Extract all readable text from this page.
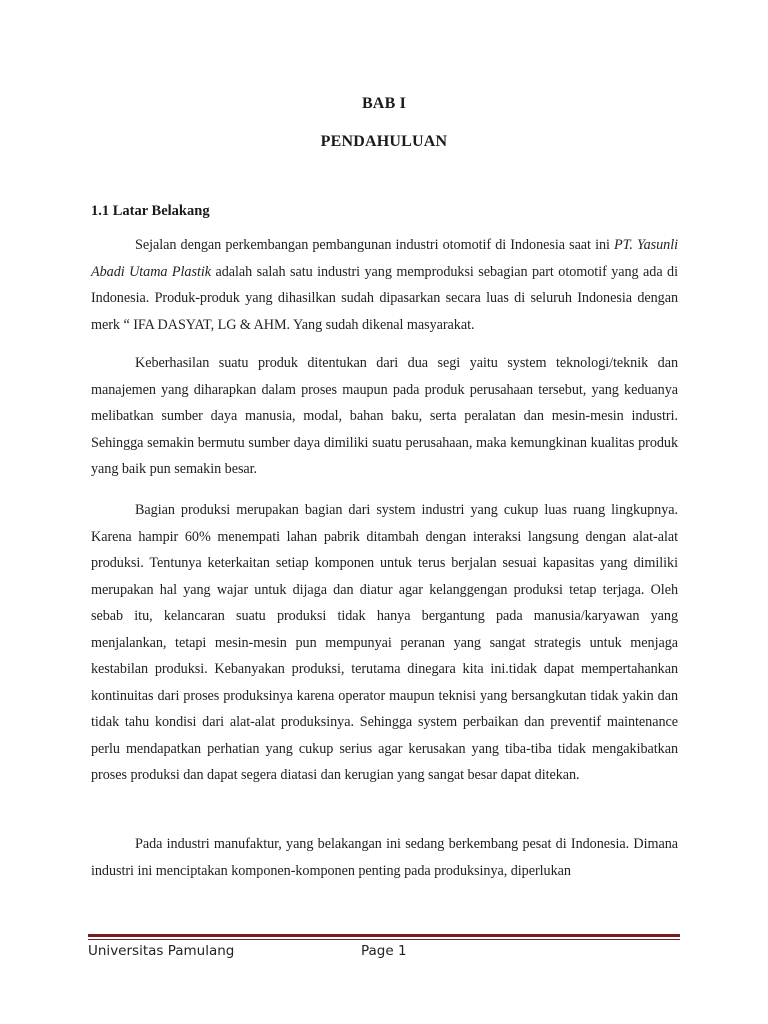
BAB I
PENDAHULUAN
1.1 Latar Belakang

Sejalan dengan perkembangan pembangunan industri otomotif di Indonesia saat ini PT. Yasunli Abadi Utama Plastik adalah salah satu industri yang memproduksi sebagian part otomotif yang ada di Indonesia. Produk-produk yang dihasilkan sudah dipasarkan secara luas di seluruh Indonesia dengan merk “ IFA DASYAT, LG & AHM. Yang sudah dikenal masyarakat.

Keberhasilan suatu produk ditentukan dari dua segi yaitu system teknologi/teknik dan manajemen yang diharapkan dalam proses maupun pada produk perusahaan tersebut, yang keduanya melibatkan sumber daya manusia, modal, bahan baku, serta peralatan dan mesin-mesin industri. Sehingga semakin bermutu sumber daya dimiliki suatu perusahaan, maka kemungkinan kualitas produk yang baik pun semakin besar.

Bagian produksi merupakan bagian dari system industri yang cukup luas ruang lingkupnya. Karena hampir 60% menempati lahan pabrik ditambah dengan interaksi langsung dengan alat-alat produksi. Tentunya keterkaitan setiap komponen untuk terus berjalan sesuai kapasitas yang dimiliki merupakan hal yang wajar untuk dijaga dan diatur agar kelanggengan produksi tetap terjaga. Oleh sebab itu, kelancaran suatu produksi tidak hanya bergantung pada manusia/karyawan yang menjalankan, tetapi mesin-mesin pun mempunyai peranan yang sangat strategis untuk menjaga kestabilan produksi. Kebanyakan produksi, terutama dinegara kita ini.tidak dapat mempertahankan kontinuitas dari proses produksinya karena operator maupun teknisi yang bersangkutan tidak yakin dan tidak tahu kondisi dari alat-alat produksinya. Sehingga system perbaikan dan preventif maintenance perlu mendapatkan perhatian yang cukup serius agar kerusakan yang tiba-tiba tidak mengakibatkan proses produksi dan dapat segera diatasi dan kerugian yang sangat besar dapat ditekan.

Pada industri manufaktur, yang belakangan ini sedang berkembang pesat di Indonesia. Dimana industri ini menciptakan komponen-komponen penting pada produksinya, diperlukan

Universitas Pamulang	Page 1
